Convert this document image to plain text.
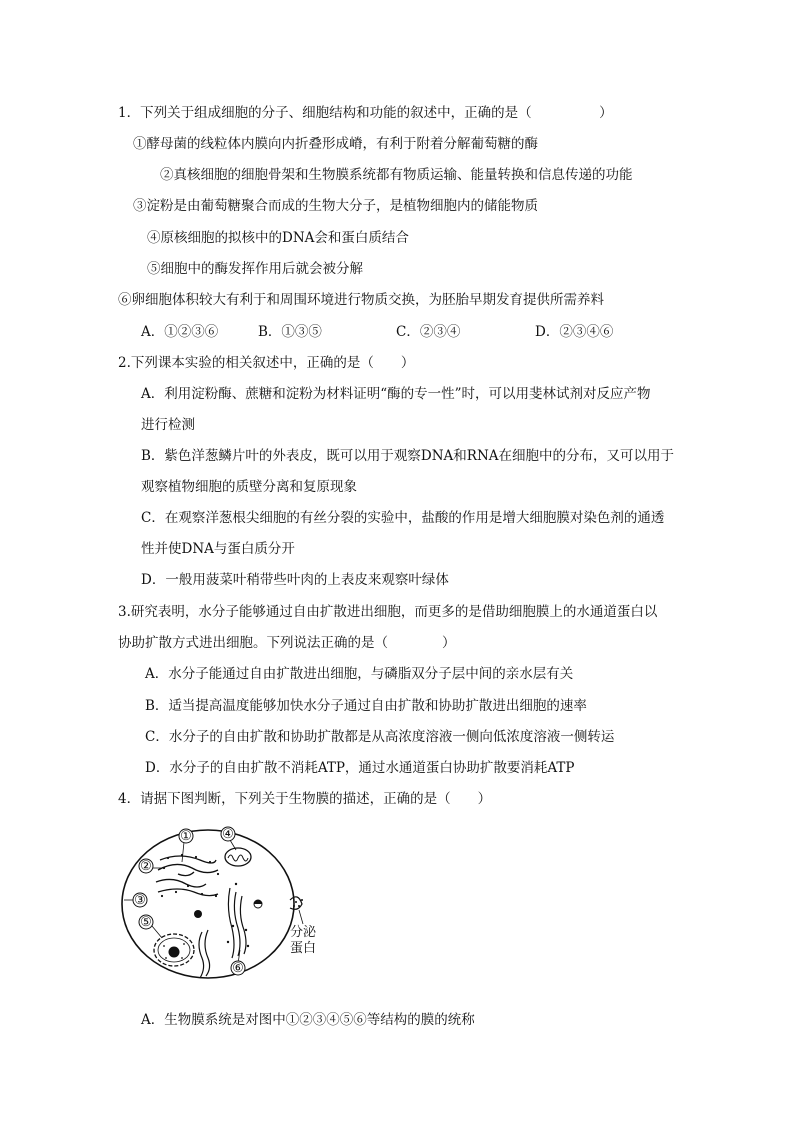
1．下列关于组成细胞的分子、细胞结构和功能的叙述中，正确的是（　　　　　）
①酵母菌的线粒体内膜向内折叠形成嵴，有利于附着分解葡萄糖的酶
②真核细胞的细胞骨架和生物膜系统都有物质运输、能量转换和信息传递的功能
③淀粉是由葡萄糖聚合而成的生物大分子，是植物细胞内的储能物质
④原核细胞的拟核中的DNA会和蛋白质结合
⑤细胞中的酶发挥作用后就会被分解
⑥卵细胞体积较大有利于和周围环境进行物质交换，为胚胎早期发育提供所需养料
A．①②③⑥	B．①③⑤	C．②③④	D．②③④⑥
2.下列课本实验的相关叙述中，正确的是（　　）
A．利用淀粉酶、蔗糖和淀粉为材料证明“酶的专一性”时，可以用斐林试剂对反应产物
进行检测
B．紫色洋葱鳞片叶的外表皮，既可以用于观察DNA和RNA在细胞中的分布，又可以用于
观察植物细胞的质壁分离和复原现象
C．在观察洋葱根尖细胞的有丝分裂的实验中，盐酸的作用是增大细胞膜对染色剂的通透
性并使DNA与蛋白质分开
D．一般用菠菜叶稍带些叶肉的上表皮来观察叶绿体
3.研究表明，水分子能够通过自由扩散进出细胞，而更多的是借助细胞膜上的水通道蛋白以
协助扩散方式进出细胞。下列说法正确的是（　　　　）
A．水分子能通过自由扩散进出细胞，与磷脂双分子层中间的亲水层有关
B．适当提高温度能够加快水分子通过自由扩散和协助扩散进出细胞的速率
C．水分子的自由扩散和协助扩散都是从高浓度溶液一侧向低浓度溶液一侧转运
D．水分子的自由扩散不消耗ATP，通过水通道蛋白协助扩散要消耗ATP
4．请据下图判断，下列关于生物膜的描述，正确的是（　　）
①
②
③
④
⑤
⑥
分泌
蛋白
A．生物膜系统是对图中①②③④⑤⑥等结构的膜的统称
